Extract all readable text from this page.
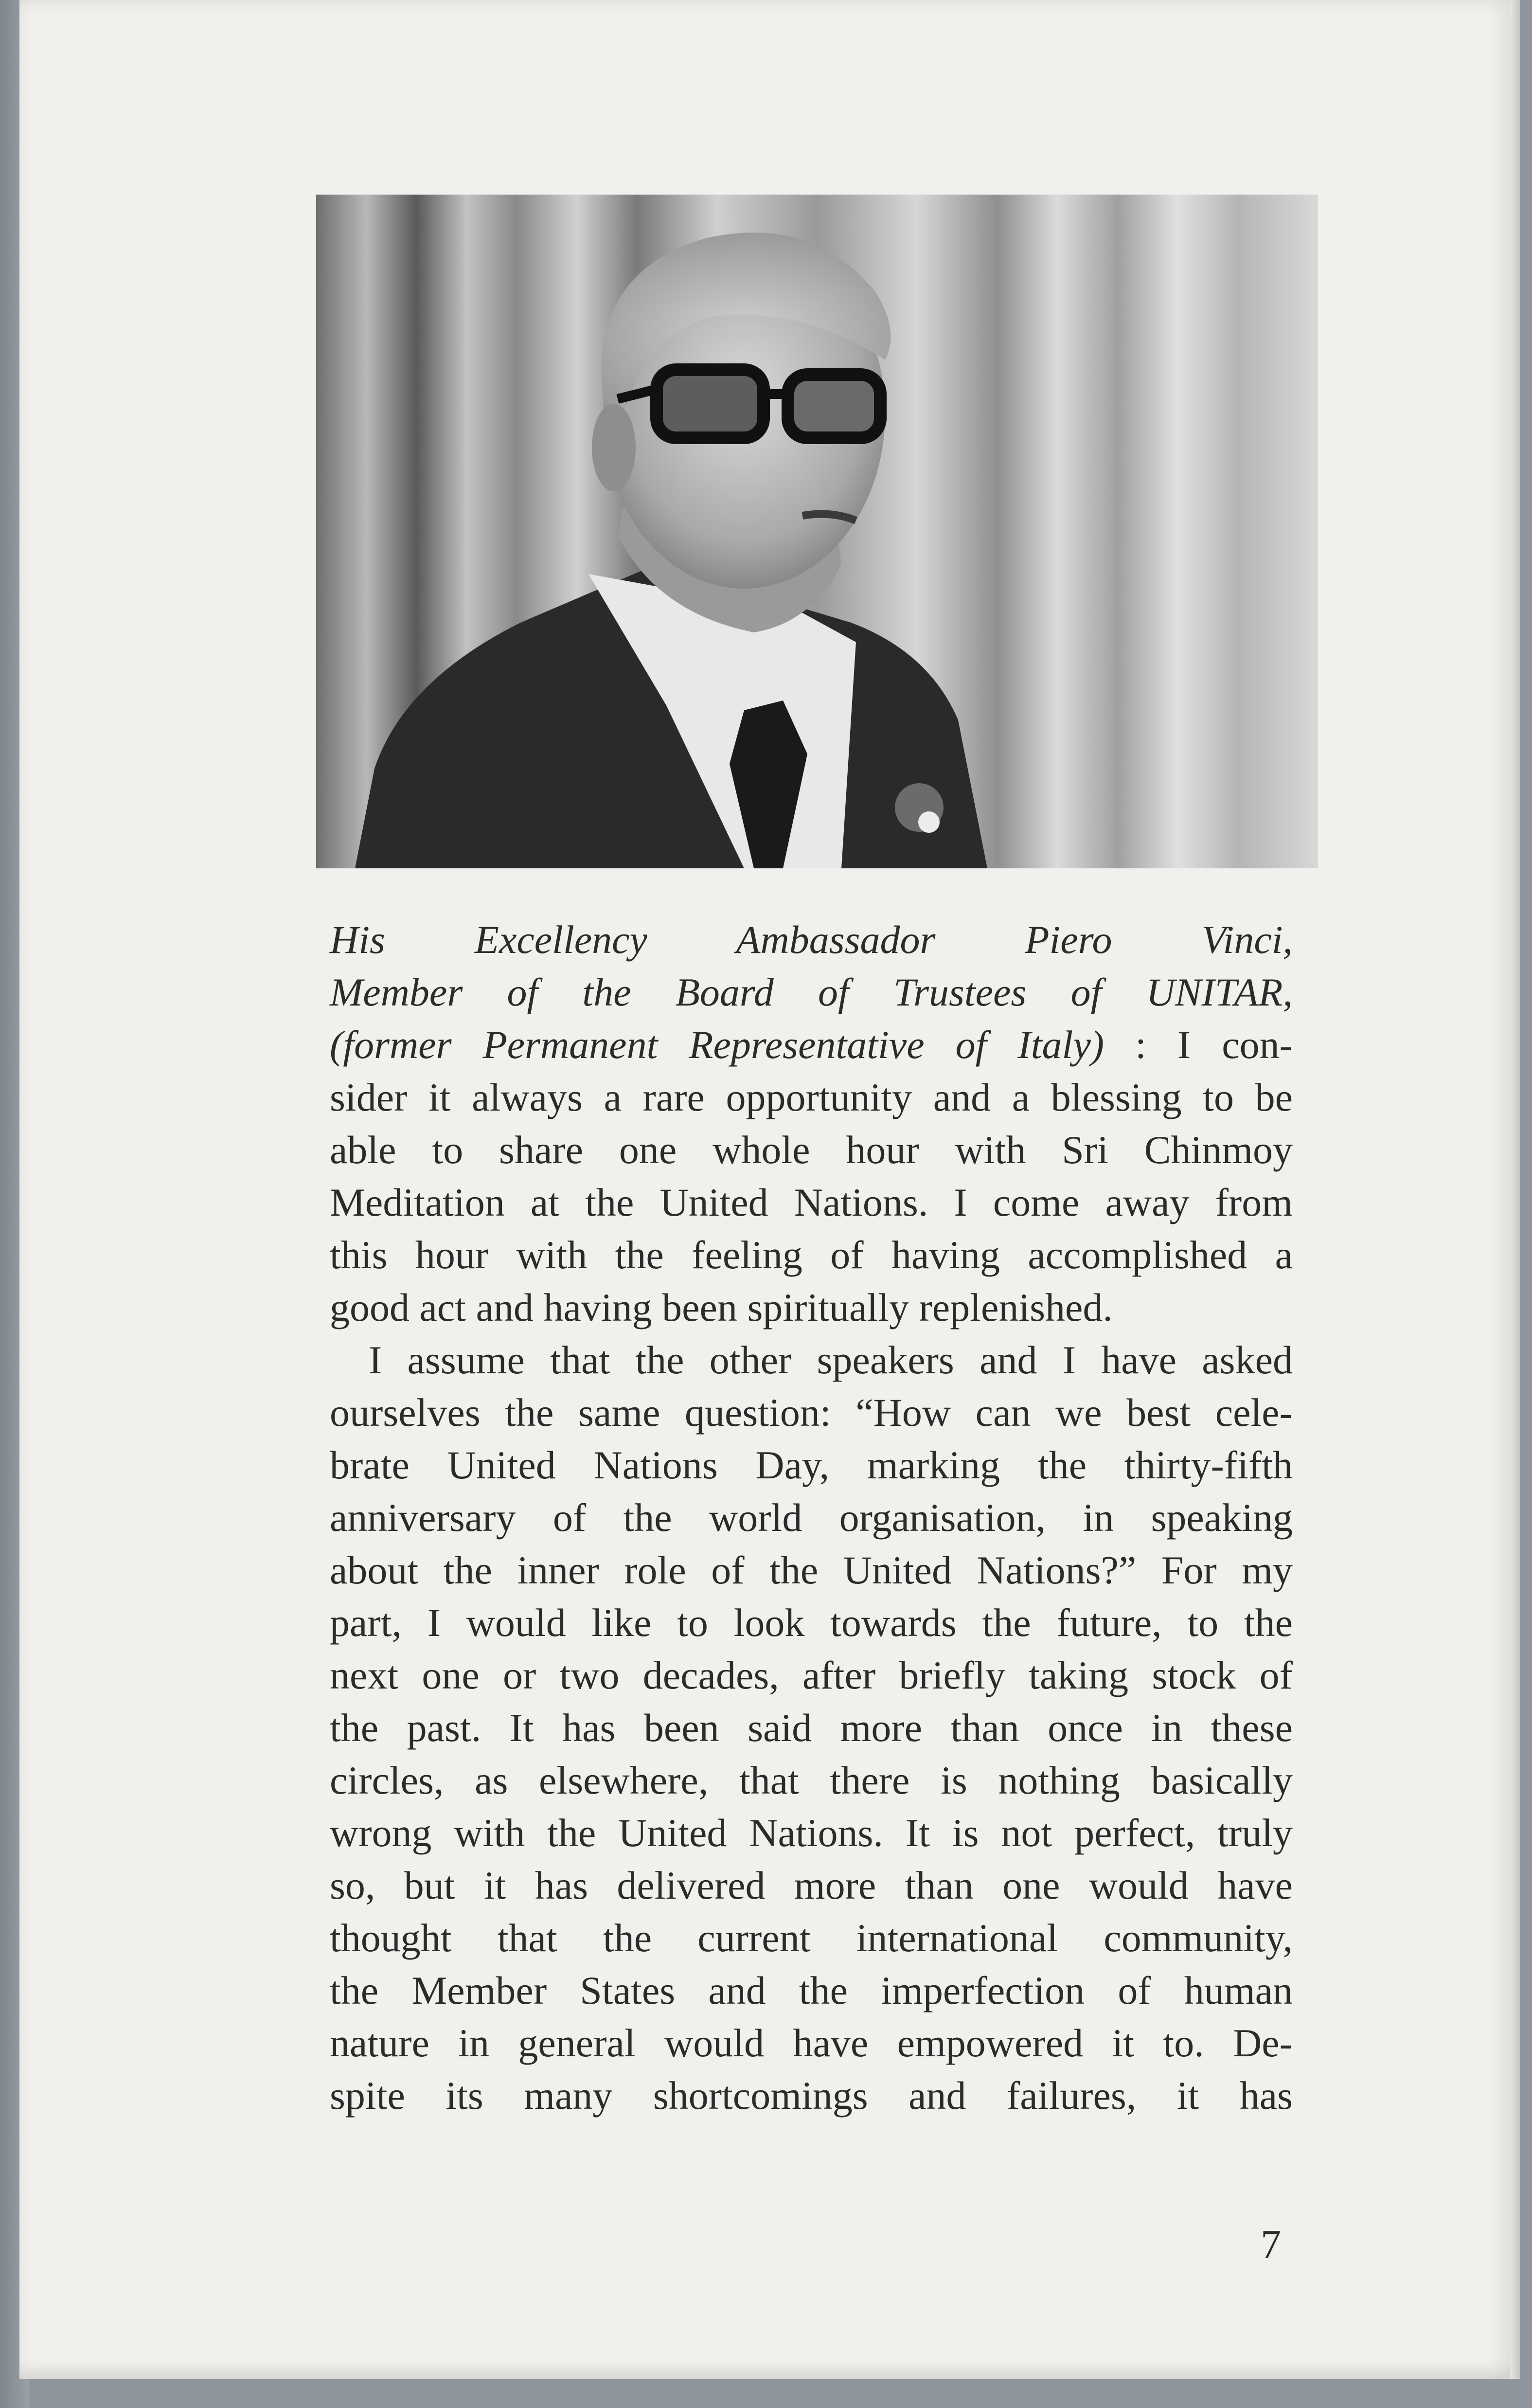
His Excellency Ambassador Piero Vinci,

Member of the Board of Trustees of UNITAR,

(former Permanent Representative of Italy) : I con-

sider it always a rare opportunity and a blessing to be

able to share one whole hour with Sri Chinmoy

Meditation at the United Nations. I come away from

this hour with the feeling of having accomplished a

good act and having been spiritually replenished.

I assume that the other speakers and I have asked

ourselves the same question: “How can we best cele-

brate United Nations Day, marking the thirty-fifth

anniversary of the world organisation, in speaking

about the inner role of the United Nations?” For my

part, I would like to look towards the future, to the

next one or two decades, after briefly taking stock of

the past. It has been said more than once in these

circles, as elsewhere, that there is nothing basically

wrong with the United Nations. It is not perfect, truly

so, but it has delivered more than one would have

thought that the current international community,

the Member States and the imperfection of human

nature in general would have empowered it to. De-

spite its many shortcomings and failures, it has

7
